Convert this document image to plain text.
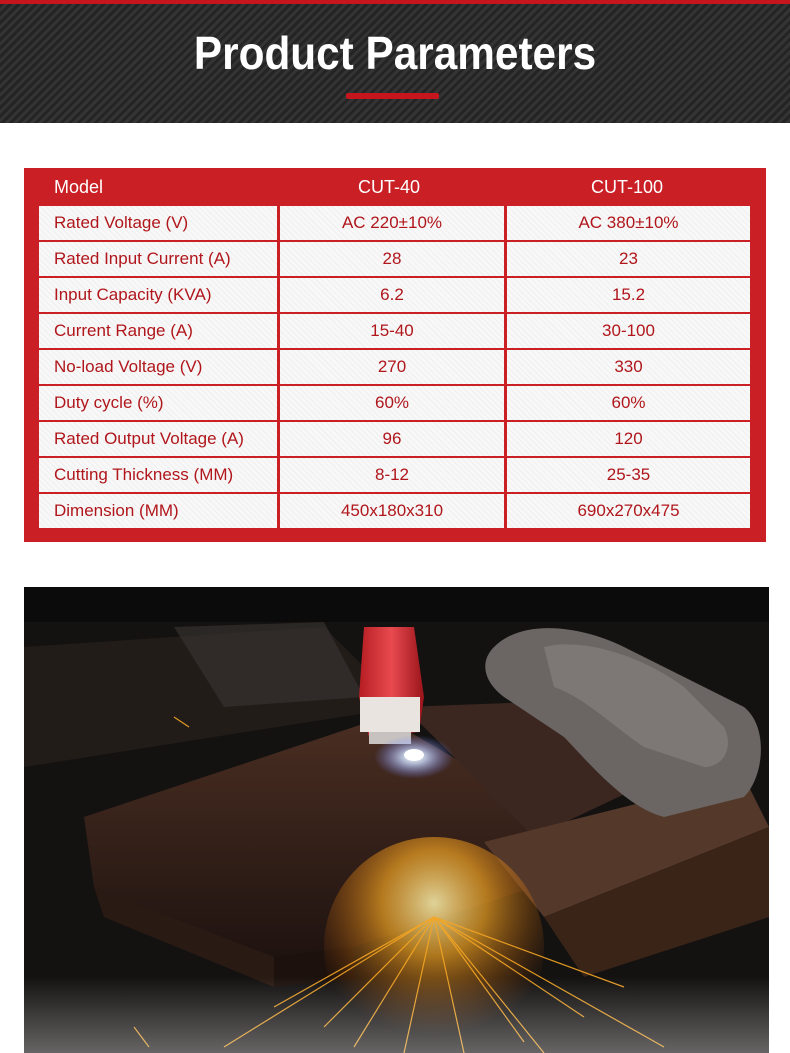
Product Parameters
Model	CUT-40	CUT-100
Rated Voltage (V)	AC 220±10%	AC 380±10%
Rated Input Current (A)	28	23
Input Capacity (KVA)	6.2	15.2
Current Range (A)	15-40	30-100
No-load Voltage (V)	270	330
Duty cycle (%)	60%	60%
Rated Output Voltage (A)	96	120
Cutting Thickness (MM)	8-12	25-35
Dimension (MM)	450x180x310	690x270x475
